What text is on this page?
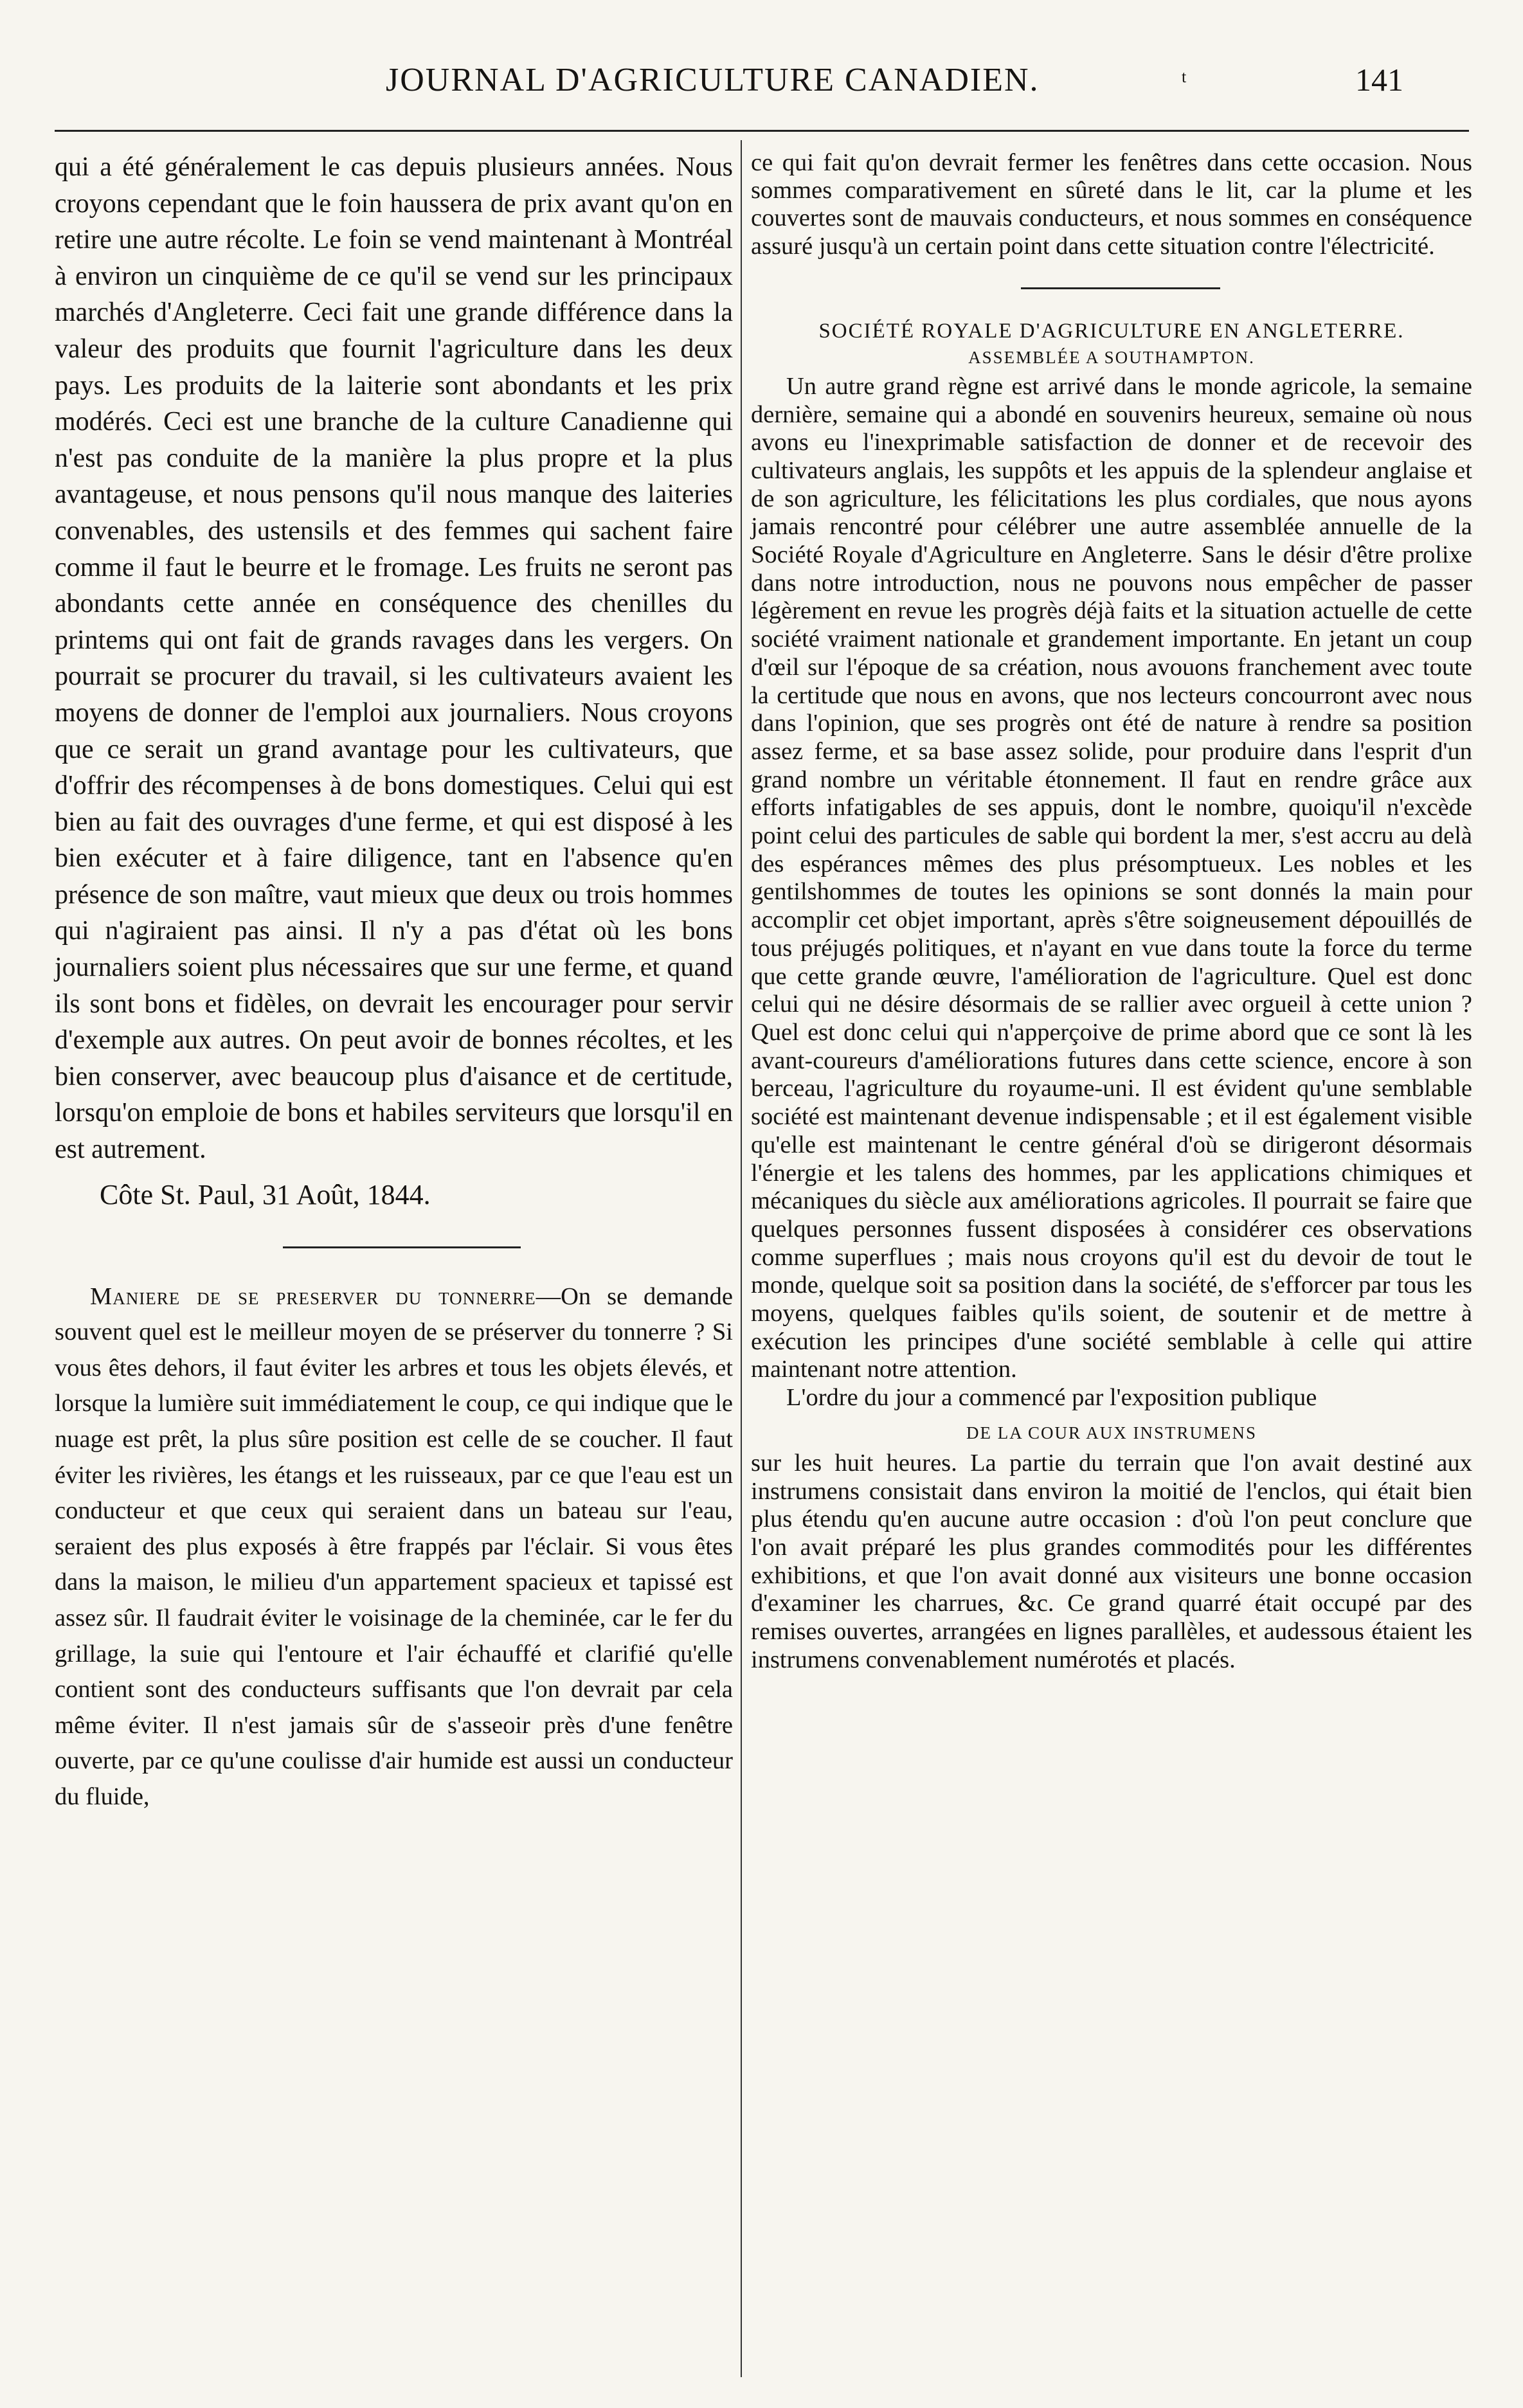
JOURNAL D'AGRICULTURE CANADIEN.	t	141

qui a été généralement le cas depuis plusieurs années. Nous croyons cependant que le foin haussera de prix avant qu'on en retire une autre récolte. Le foin se vend maintenant à Montréal à environ un cinquième de ce qu'il se vend sur les principaux marchés d'Angleterre. Ceci fait une grande différence dans la valeur des produits que fournit l'agriculture dans les deux pays. Les produits de la laiterie sont abondants et les prix modérés. Ceci est une branche de la culture Canadienne qui n'est pas conduite de la manière la plus propre et la plus avantageuse, et nous pensons qu'il nous manque des laiteries convenables, des ustensils et des femmes qui sachent faire comme il faut le beurre et le fromage. Les fruits ne seront pas abondants cette année en conséquence des chenilles du printems qui ont fait de grands ravages dans les vergers. On pourrait se procurer du travail, si les cultivateurs avaient les moyens de donner de l'emploi aux journaliers. Nous croyons que ce serait un grand avantage pour les cultivateurs, que d'offrir des récompenses à de bons domestiques. Celui qui est bien au fait des ouvrages d'une ferme, et qui est disposé à les bien exécuter et à faire diligence, tant en l'absence qu'en présence de son maître, vaut mieux que deux ou trois hommes qui n'agiraient pas ainsi. Il n'y a pas d'état où les bons journaliers soient plus nécessaires que sur une ferme, et quand ils sont bons et fidèles, on devrait les encourager pour servir d'exemple aux autres. On peut avoir de bonnes récoltes, et les bien conserver, avec beaucoup plus d'aisance et de certitude, lorsqu'on emploie de bons et habiles serviteurs que lorsqu'il en est autrement.

Côte St. Paul, 31 Août, 1844.

Maniere de se preserver du tonnerre—On se demande souvent quel est le meilleur moyen de se préserver du tonnerre ? Si vous êtes dehors, il faut éviter les arbres et tous les objets élevés, et lorsque la lumière suit immédiatement le coup, ce qui indique que le nuage est prêt, la plus sûre position est celle de se coucher. Il faut éviter les rivières, les étangs et les ruisseaux, par ce que l'eau est un conducteur et que ceux qui seraient dans un bateau sur l'eau, seraient des plus exposés à être frappés par l'éclair. Si vous êtes dans la maison, le milieu d'un appartement spacieux et tapissé est assez sûr. Il faudrait éviter le voisinage de la cheminée, car le fer du grillage, la suie qui l'entoure et l'air échauffé et clarifié qu'elle contient sont des conducteurs suffisants que l'on devrait par cela même éviter. Il n'est jamais sûr de s'asseoir près d'une fenêtre ouverte, par ce qu'une coulisse d'air humide est aussi un conducteur du fluide,

ce qui fait qu'on devrait fermer les fenêtres dans cette occasion. Nous sommes comparativement en sûreté dans le lit, car la plume et les couvertes sont de mauvais conducteurs, et nous sommes en conséquence assuré jusqu'à un certain point dans cette situation contre l'électricité.

SOCIÉTÉ ROYALE D'AGRICULTURE EN ANGLETERRE.

ASSEMBLÉE A SOUTHAMPTON.

Un autre grand règne est arrivé dans le monde agricole, la semaine dernière, semaine qui a abondé en souvenirs heureux, semaine où nous avons eu l'inexprimable satisfaction de donner et de recevoir des cultivateurs anglais, les suppôts et les appuis de la splendeur anglaise et de son agriculture, les félicitations les plus cordiales, que nous ayons jamais rencontré pour célébrer une autre assemblée annuelle de la Société Royale d'Agriculture en Angleterre. Sans le désir d'être prolixe dans notre introduction, nous ne pouvons nous empêcher de passer légèrement en revue les progrès déjà faits et la situation actuelle de cette société vraiment nationale et grandement importante. En jetant un coup d'œil sur l'époque de sa création, nous avouons franchement avec toute la certitude que nous en avons, que nos lecteurs concourront avec nous dans l'opinion, que ses progrès ont été de nature à rendre sa position assez ferme, et sa base assez solide, pour produire dans l'esprit d'un grand nombre un véritable étonnement. Il faut en rendre grâce aux efforts infatigables de ses appuis, dont le nombre, quoiqu'il n'excède point celui des particules de sable qui bordent la mer, s'est accru au delà des espérances mêmes des plus présomptueux. Les nobles et les gentilshommes de toutes les opinions se sont donnés la main pour accomplir cet objet important, après s'être soigneusement dépouillés de tous préjugés politiques, et n'ayant en vue dans toute la force du terme que cette grande œuvre, l'amélioration de l'agriculture. Quel est donc celui qui ne désire désormais de se rallier avec orgueil à cette union ? Quel est donc celui qui n'apperçoive de prime abord que ce sont là les avant-coureurs d'améliorations futures dans cette science, encore à son berceau, l'agriculture du royaume-uni. Il est évident qu'une semblable société est maintenant devenue indispensable ; et il est également visible qu'elle est maintenant le centre général d'où se dirigeront désormais l'énergie et les talens des hommes, par les applications chimiques et mécaniques du siècle aux améliorations agricoles. Il pourrait se faire que quelques personnes fussent disposées à considérer ces observations comme superflues ; mais nous croyons qu'il est du devoir de tout le monde, quelque soit sa position dans la société, de s'efforcer par tous les moyens, quelques faibles qu'ils soient, de soutenir et de mettre à exécution les principes d'une société semblable à celle qui attire maintenant notre attention.

L'ordre du jour a commencé par l'exposition publique

DE LA COUR AUX INSTRUMENS

sur les huit heures. La partie du terrain que l'on avait destiné aux instrumens consistait dans environ la moitié de l'enclos, qui était bien plus étendu qu'en aucune autre occasion : d'où l'on peut conclure que l'on avait préparé les plus grandes commodités pour les différentes exhibitions, et que l'on avait donné aux visiteurs une bonne occasion d'examiner les charrues, &c. Ce grand quarré était occupé par des remises ouvertes, arrangées en lignes parallèles, et audessous étaient les instrumens convenablement numérotés et placés.
